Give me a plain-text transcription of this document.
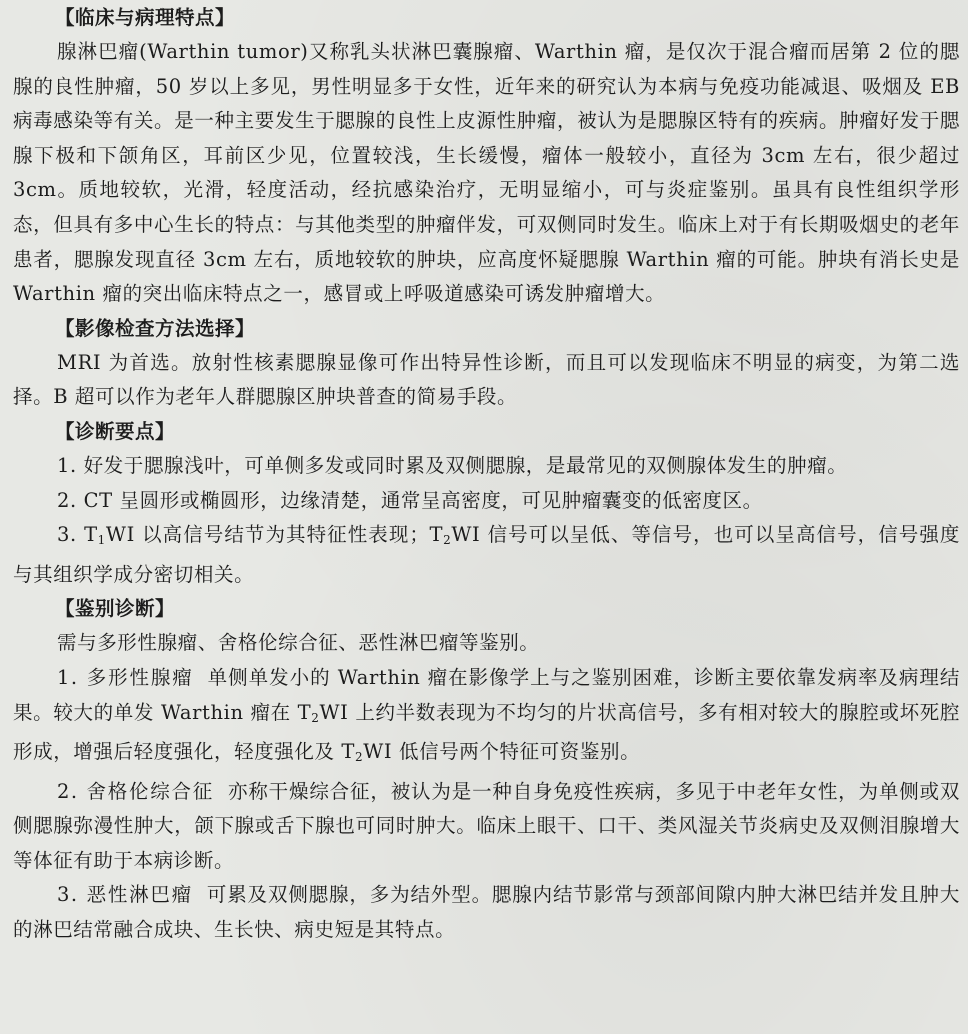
【临床与病理特点】

腺淋巴瘤(Warthin tumor)又称乳头状淋巴囊腺瘤、Warthin 瘤，是仅次于混合瘤而居第 2 位的腮腺的良性肿瘤，50 岁以上多见，男性明显多于女性，近年来的研究认为本病与免疫功能减退、吸烟及 EB 病毒感染等有关。是一种主要发生于腮腺的良性上皮源性肿瘤，被认为是腮腺区特有的疾病。肿瘤好发于腮腺下极和下颌角区，耳前区少见，位置较浅，生长缓慢，瘤体一般较小，直径为 3cm 左右，很少超过 3cm。质地较软，光滑，轻度活动，经抗感染治疗，无明显缩小，可与炎症鉴别。虽具有良性组织学形态，但具有多中心生长的特点：与其他类型的肿瘤伴发，可双侧同时发生。临床上对于有长期吸烟史的老年患者，腮腺发现直径 3cm 左右，质地较软的肿块，应高度怀疑腮腺 Warthin 瘤的可能。肿块有消长史是 Warthin 瘤的突出临床特点之一，感冒或上呼吸道感染可诱发肿瘤增大。

【影像检查方法选择】

MRI 为首选。放射性核素腮腺显像可作出特异性诊断，而且可以发现临床不明显的病变，为第二选择。B 超可以作为老年人群腮腺区肿块普查的简易手段。

【诊断要点】

1. 好发于腮腺浅叶，可单侧多发或同时累及双侧腮腺，是最常见的双侧腺体发生的肿瘤。

2. CT 呈圆形或椭圆形，边缘清楚，通常呈高密度，可见肿瘤囊变的低密度区。

3. $T_1WI$ 以高信号结节为其特征性表现；$T_2WI$ 信号可以呈低、等信号，也可以呈高信号，信号强度与其组织学成分密切相关。

【鉴别诊断】

需与多形性腺瘤、舍格伦综合征、恶性淋巴瘤等鉴别。

1. 多形性腺瘤 单侧单发小的 Warthin 瘤在影像学上与之鉴别困难，诊断主要依靠发病率及病理结果。较大的单发 Warthin 瘤在 $T_2WI$ 上约半数表现为不均匀的片状高信号，多有相对较大的腺腔或坏死腔形成，增强后轻度强化，轻度强化及 $T_2WI$ 低信号两个特征可资鉴别。

2. 舍格伦综合征 亦称干燥综合征，被认为是一种自身免疫性疾病，多见于中老年女性，为单侧或双侧腮腺弥漫性肿大，颌下腺或舌下腺也可同时肿大。临床上眼干、口干、类风湿关节炎病史及双侧泪腺增大等体征有助于本病诊断。

3. 恶性淋巴瘤 可累及双侧腮腺，多为结外型。腮腺内结节影常与颈部间隙内肿大淋巴结并发且肿大的淋巴结常融合成块、生长快、病史短是其特点。
